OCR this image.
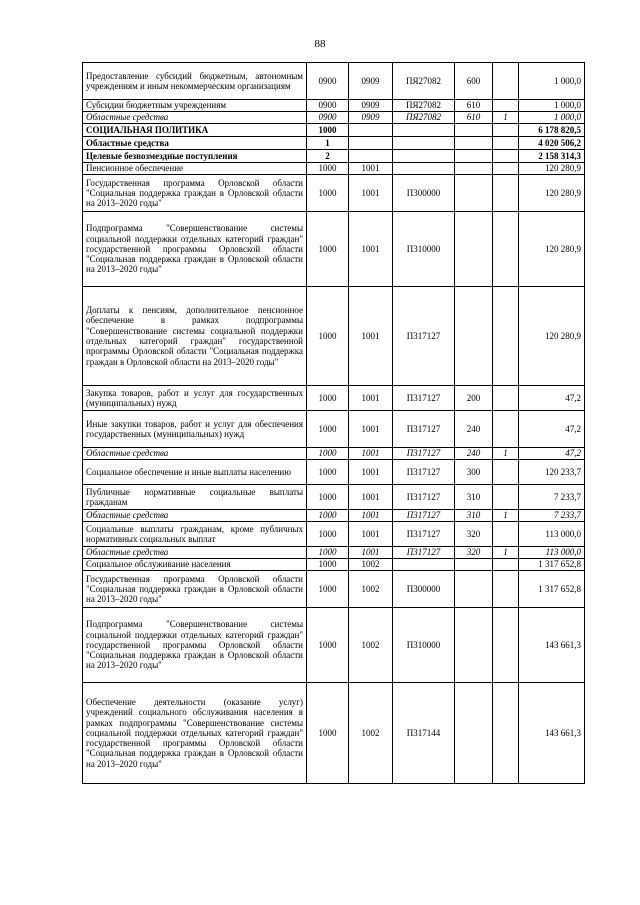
88
Предоставление субсидий бюджетным, автономным учреждениям и иным некоммерческим организациям	0900	0909	ПЯ27082	600		1 000,0
Субсидии бюджетным учреждениям	0900	0909	ПЯ27082	610		1 000,0
Областные средства	0900	0909	ПЯ27082	610	1	1 000,0
СОЦИАЛЬНАЯ ПОЛИТИКА	1000					6 178 820,5
Областные средства	1					4 020 506,2
Целевые безвозмездные поступления	2					2 158 314,3
Пенсионное обеспечение	1000	1001				120 280,9
Государственная программа Орловской области "Социальная поддержка граждан в Орловской области на 2013–2020 годы"	1000	1001	П300000			120 280,9
Подпрограмма "Совершенствование системы социальной поддержки отдельных категорий граждан" государственной программы Орловской области "Социальная поддержка граждан в Орловской области на 2013–2020 годы"	1000	1001	П310000			120 280,9
Доплаты к пенсиям, дополнительное пенсионное обеспечение в рамках подпрограммы "Совершенствование системы социальной поддержки отдельных категорий граждан" государственной программы Орловской области "Социальная поддержка граждан в Орловской области на 2013–2020 годы"	1000	1001	П317127			120 280,9
Закупка товаров, работ и услуг для государственных (муниципальных) нужд	1000	1001	П317127	200		47,2
Иные закупки товаров, работ и услуг для обеспечения государственных (муниципальных) нужд	1000	1001	П317127	240		47,2
Областные средства	1000	1001	П317127	240	1	47,2
Социальное обеспечение и иные выплаты населению	1000	1001	П317127	300		120 233,7
Публичные нормативные социальные выплаты гражданам	1000	1001	П317127	310		7 233,7
Областные средства	1000	1001	П317127	310	1	7 233,7
Социальные выплаты гражданам, кроме публичных нормативных социальных выплат	1000	1001	П317127	320		113 000,0
Областные средства	1000	1001	П317127	320	1	113 000,0
Социальное обслуживание населения	1000	1002				1 317 652,8
Государственная программа Орловской области "Социальная поддержка граждан в Орловской области на 2013–2020 годы"	1000	1002	П300000			1 317 652,8
Подпрограмма "Совершенствование системы социальной поддержки отдельных категорий граждан" государственной программы Орловской области "Социальная поддержка граждан в Орловской области на 2013–2020 годы"	1000	1002	П310000			143 661,3
Обеспечение деятельности (оказание услуг) учреждений социального обслуживания населения в рамках подпрограммы "Совершенствование системы социальной поддержки отдельных категорий граждан" государственной программы Орловской области "Социальная поддержка граждан в Орловской области на 2013–2020 годы"	1000	1002	П317144			143 661,3
